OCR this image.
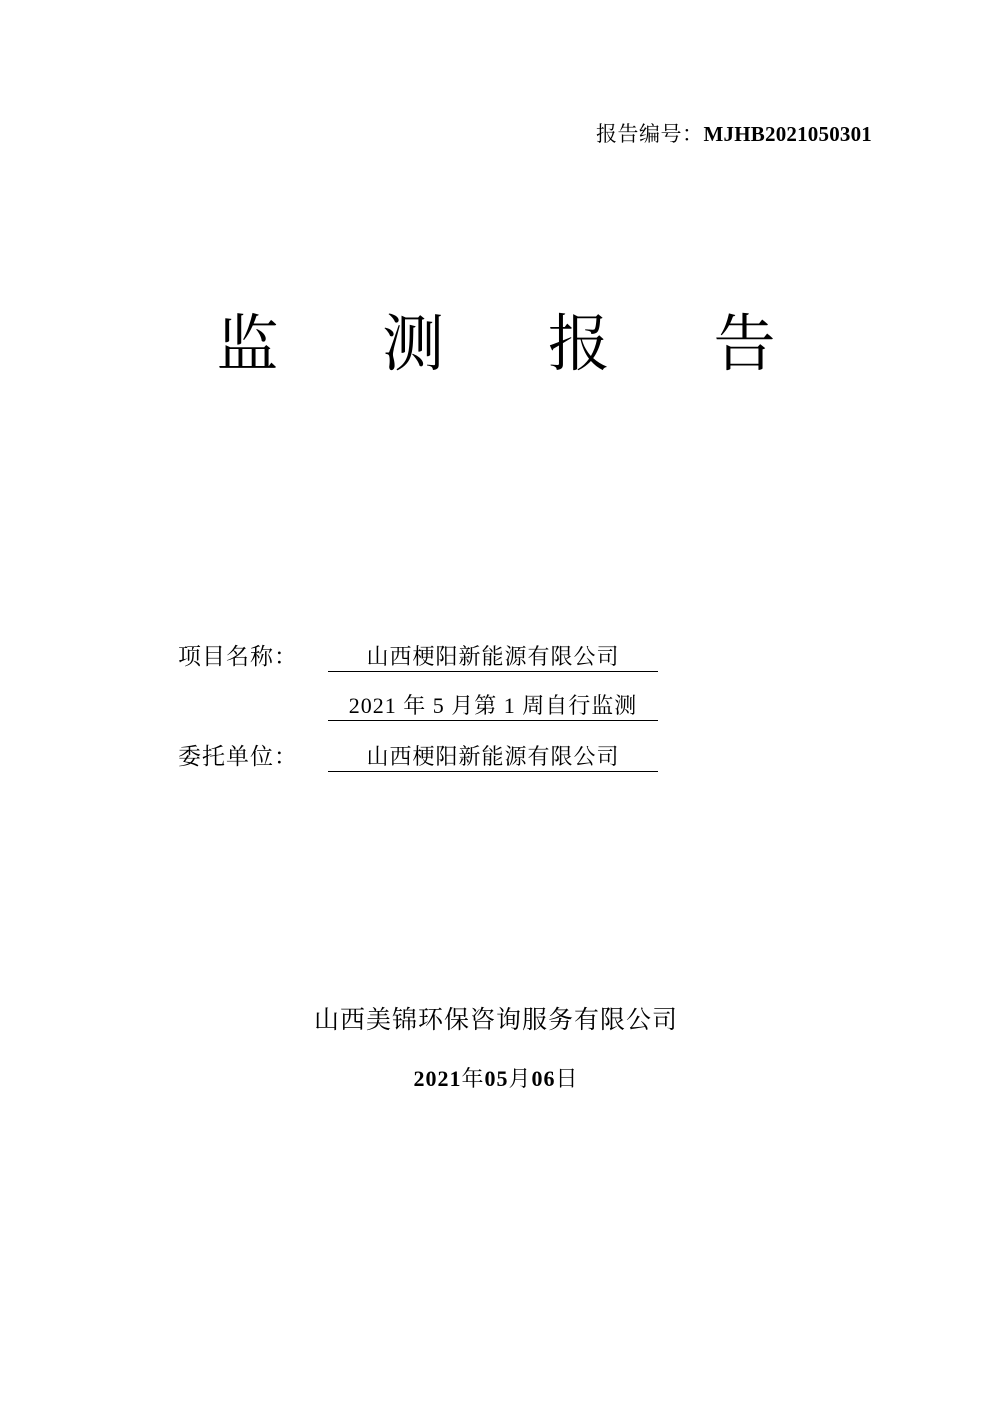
报告编号：MJHB2021050301
监 测 报 告
项目名称：	山西梗阳新能源有限公司
2021 年 5 月第 1 周自行监测
委托单位：	山西梗阳新能源有限公司
山西美锦环保咨询服务有限公司
2021年05月06日
